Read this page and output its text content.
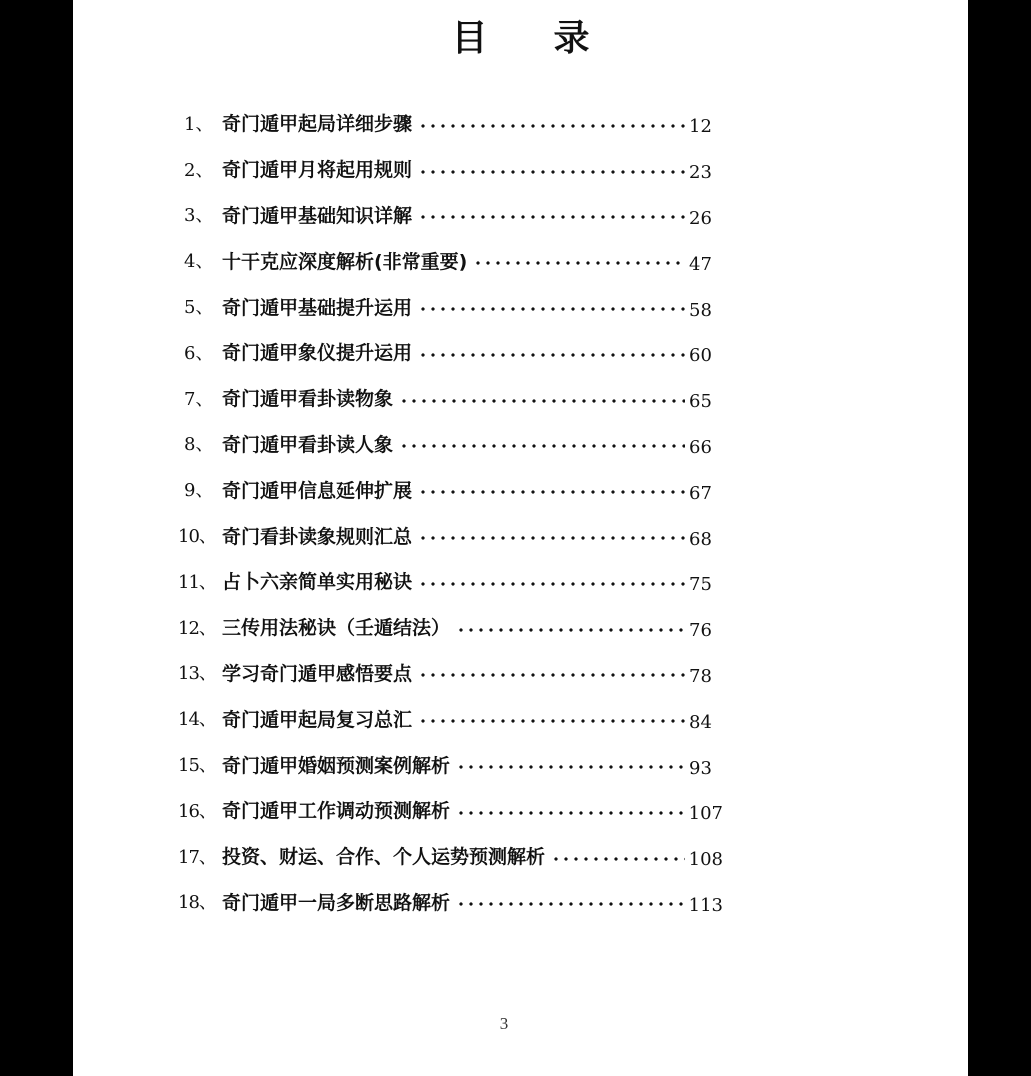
目 录
1、 奇门遁甲起局详细步骤	12
2、 奇门遁甲月将起用规则	23
3、 奇门遁甲基础知识详解	26
4、 十干克应深度解析(非常重要)	47
5、 奇门遁甲基础提升运用	58
6、 奇门遁甲象仪提升运用	60
7、 奇门遁甲看卦读物象	65
8、 奇门遁甲看卦读人象	66
9、 奇门遁甲信息延伸扩展	67
10、 奇门看卦读象规则汇总	68
11、 占卜六亲简单实用秘诀	75
12、 三传用法秘诀（壬遁结法）	76
13、 学习奇门遁甲感悟要点	78
14、 奇门遁甲起局复习总汇	84
15、 奇门遁甲婚姻预测案例解析	93
16、 奇门遁甲工作调动预测解析	107
17、 投资、财运、合作、个人运势预测解析	108
18、 奇门遁甲一局多断思路解析	113
3
